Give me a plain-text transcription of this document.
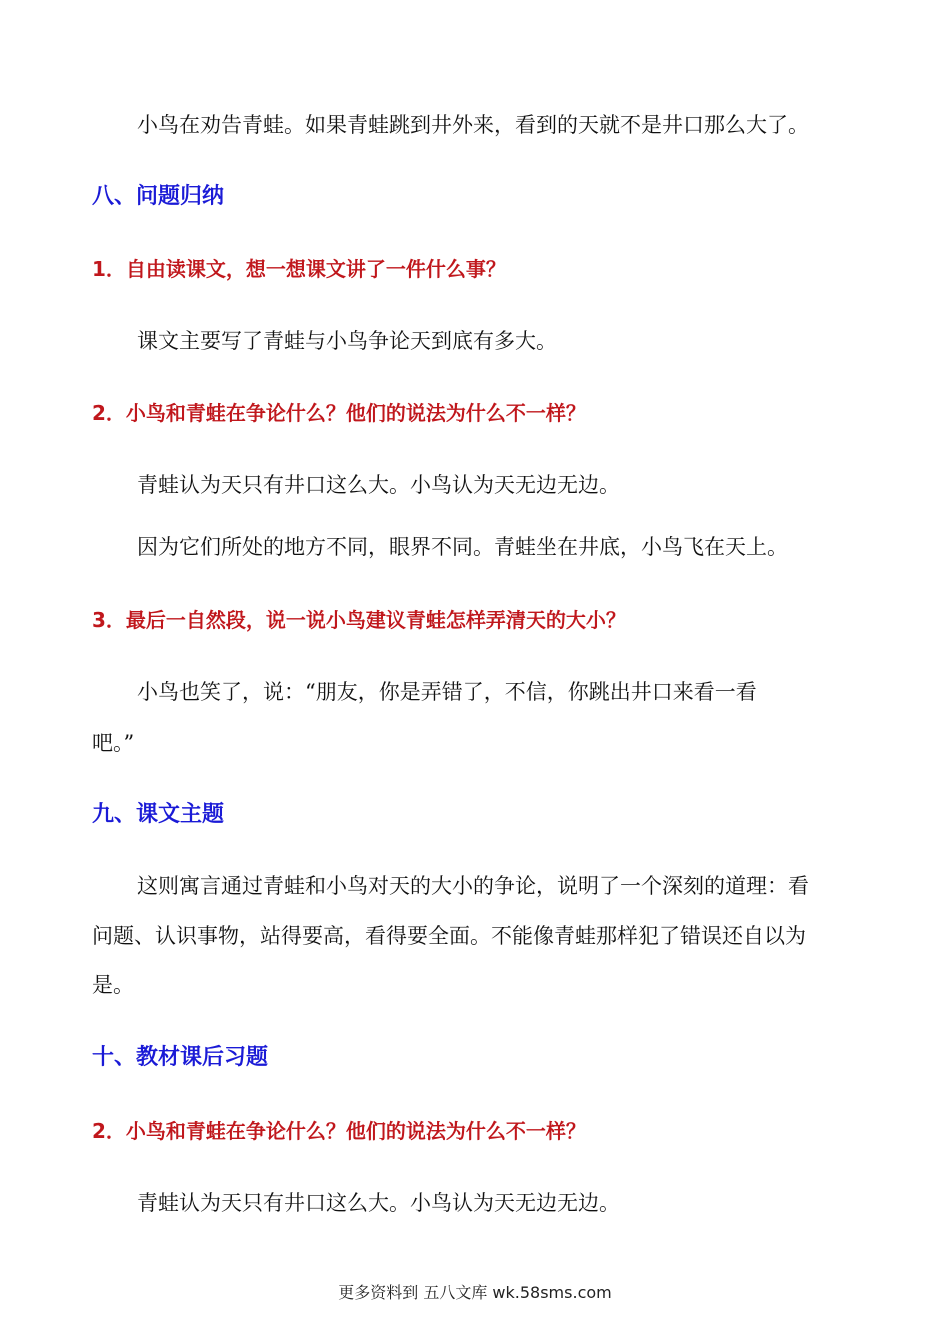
小鸟在劝告青蛙。如果青蛙跳到井外来，看到的天就不是井口那么大了。
八、问题归纳
1．自由读课文，想一想课文讲了一件什么事？
课文主要写了青蛙与小鸟争论天到底有多大。
2．小鸟和青蛙在争论什么？他们的说法为什么不一样？
青蛙认为天只有井口这么大。小鸟认为天无边无边。
因为它们所处的地方不同，眼界不同。青蛙坐在井底，小鸟飞在天上。
3．最后一自然段，说一说小鸟建议青蛙怎样弄清天的大小？
小鸟也笑了，说：“朋友，你是弄错了，不信，你跳出井口来看一看
吧。”
九、课文主题
这则寓言通过青蛙和小鸟对天的大小的争论，说明了一个深刻的道理：看
问题、认识事物，站得要高，看得要全面。不能像青蛙那样犯了错误还自以为
是。
十、教材课后习题
2．小鸟和青蛙在争论什么？他们的说法为什么不一样？
青蛙认为天只有井口这么大。小鸟认为天无边无边。
更多资料到 五八文库 wk.58sms.com
